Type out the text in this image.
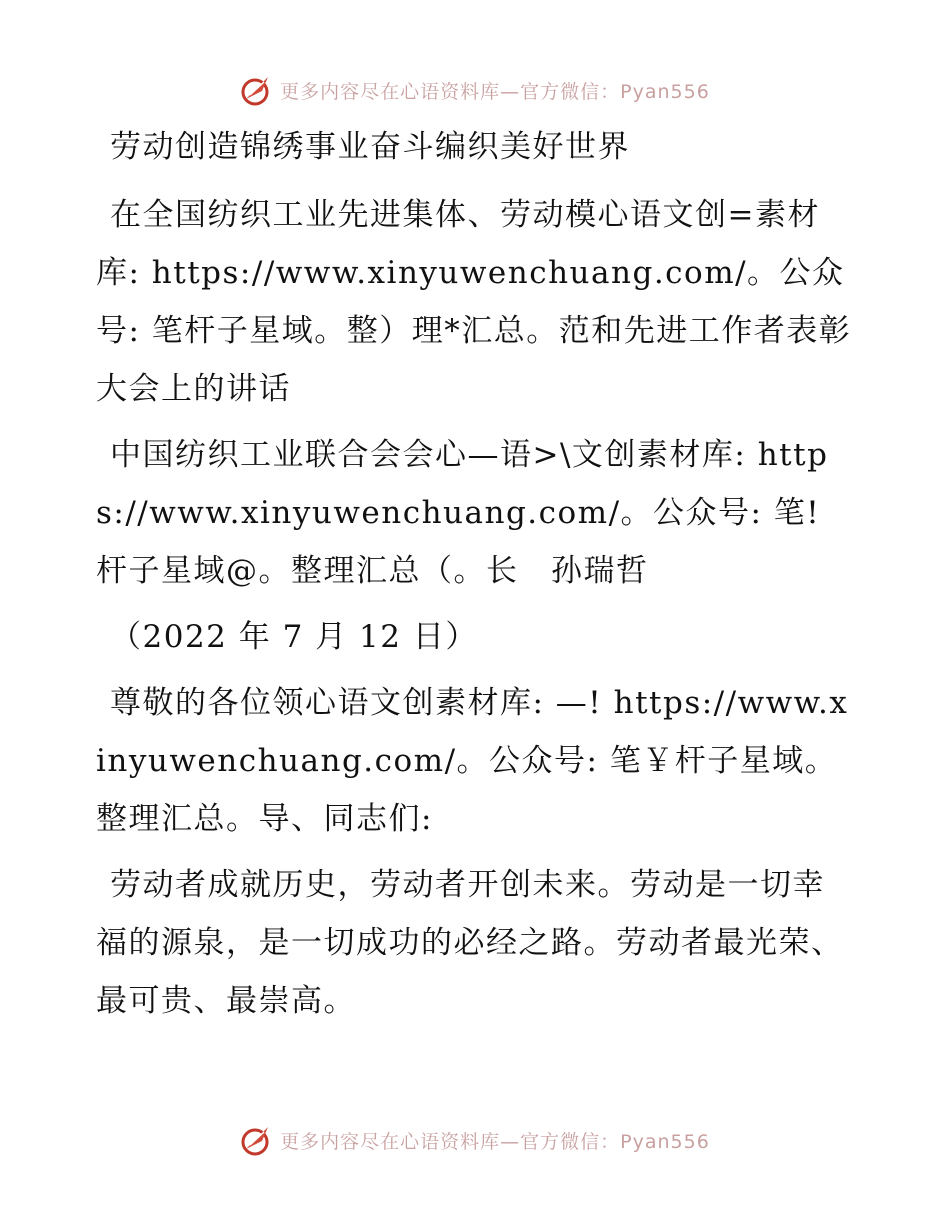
更多内容尽在心语资料库—官方微信：Pyan556

劳动创造锦绣事业奋斗编织美好世界

在全国纺织工业先进集体、劳动模心语文创=素材库: https://www.xinyuwenchuang.com/。公众号: 笔杆子星域。整）理*汇总。范和先进工作者表彰大会上的讲话

中国纺织工业联合会会心—语>\文创素材库: https://www.xinyuwenchuang.com/。公众号: 笔! 杆子星域@。整理汇总（。长　孙瑞哲

（2022 年 7 月 12 日）

尊敬的各位领心语文创素材库: —! https://www.xinyuwenchuang.com/。公众号: 笔￥杆子星域。整理汇总。导、同志们:

劳动者成就历史，劳动者开创未来。劳动是一切幸福的源泉，是一切成功的必经之路。劳动者最光荣、最可贵、最崇高。

更多内容尽在心语资料库—官方微信：Pyan556
